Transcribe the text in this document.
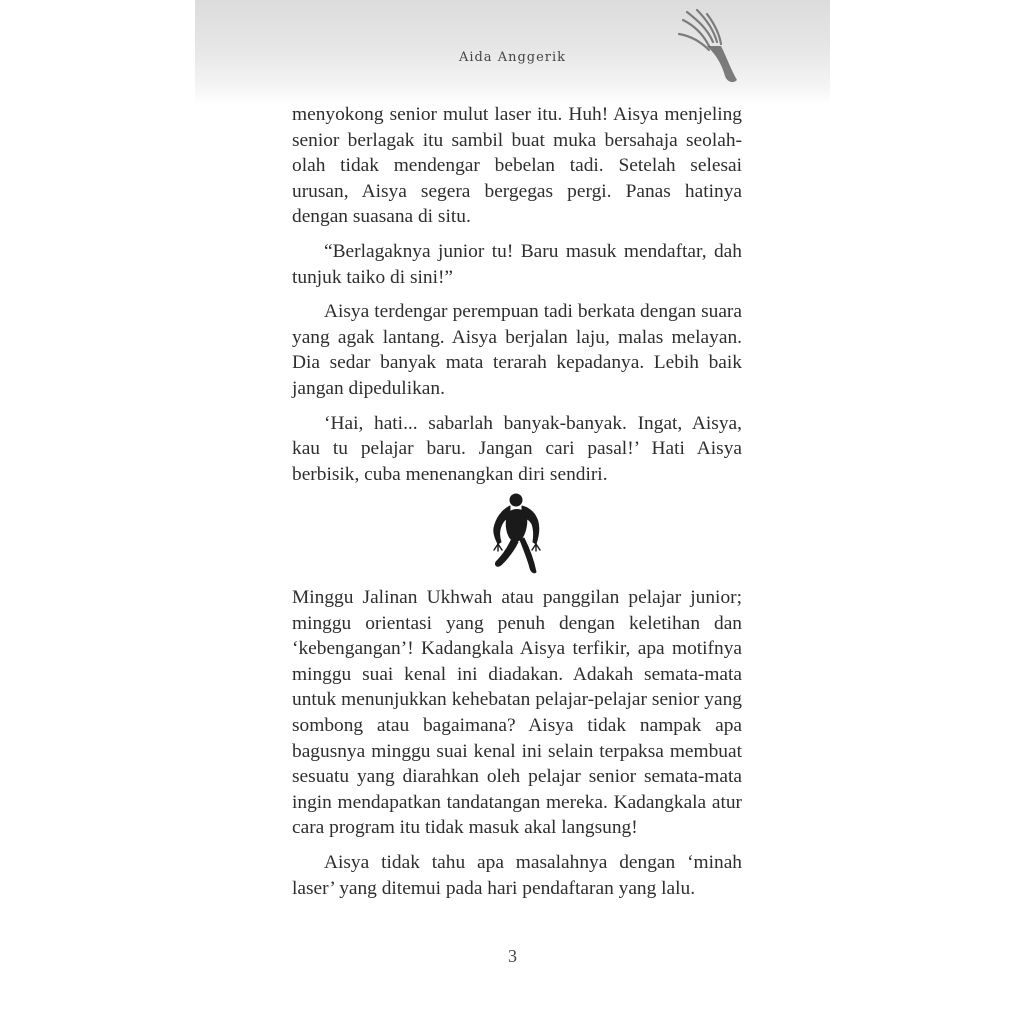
Aida Anggerik

menyokong senior mulut laser itu. Huh! Aisya menjeling senior berlagak itu sambil buat muka bersahaja seolah-olah tidak mendengar bebelan tadi. Setelah selesai urusan, Aisya segera bergegas pergi. Panas hatinya dengan suasana di situ.

“Berlagaknya junior tu! Baru masuk mendaftar, dah tunjuk taiko di sini!”

Aisya terdengar perempuan tadi berkata dengan suara yang agak lantang. Aisya berjalan laju, malas melayan. Dia sedar banyak mata terarah kepadanya. Lebih baik jangan dipedulikan.

‘Hai, hati... sabarlah banyak-banyak. Ingat, Aisya, kau tu pelajar baru. Jangan cari pasal!’ Hati Aisya berbisik, cuba menenangkan diri sendiri.

Minggu Jalinan Ukhwah atau panggilan pelajar junior; minggu orientasi yang penuh dengan keletihan dan ‘kebengangan’! Kadangkala Aisya terfikir, apa motifnya minggu suai kenal ini diadakan. Adakah semata-mata untuk menunjukkan kehebatan pelajar-pelajar senior yang sombong atau bagaimana? Aisya tidak nampak apa bagusnya minggu suai kenal ini selain terpaksa membuat sesuatu yang diarahkan oleh pelajar senior semata-mata ingin mendapatkan tandatangan mereka. Kadangkala atur cara program itu tidak masuk akal langsung!

Aisya tidak tahu apa masalahnya dengan ‘minah laser’ yang ditemui pada hari pendaftaran yang lalu.

3
